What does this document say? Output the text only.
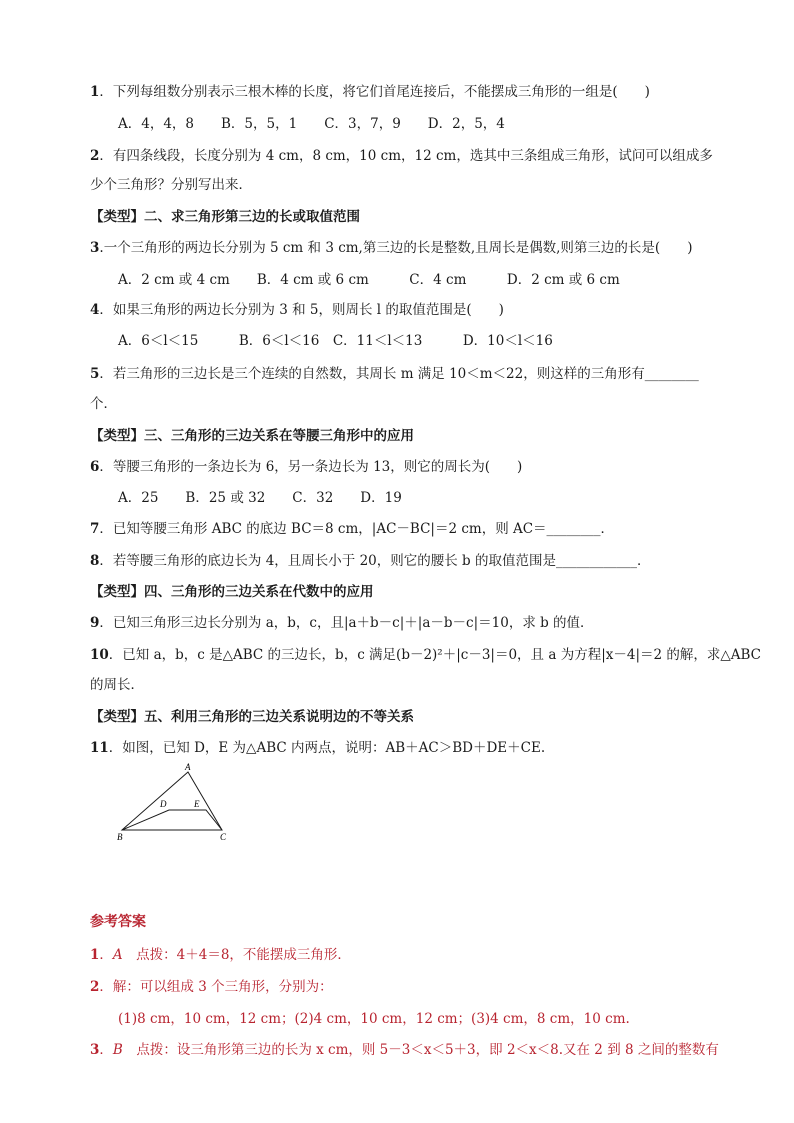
1．下列每组数分别表示三根木棒的长度，将它们首尾连接后，不能摆成三角形的一组是(　　)
A．4，4，8　　B．5，5，1　　C．3，7，9　　D．2，5，4
2．有四条线段，长度分别为 4 cm，8 cm，10 cm，12 cm，选其中三条组成三角形，试问可以组成多
少个三角形？分别写出来．
【类型】二、求三角形第三边的长或取值范围
3.一个三角形的两边长分别为 5 cm 和 3 cm,第三边的长是整数,且周长是偶数,则第三边的长是(　　)
A．2 cm 或 4 cm　　B．4 cm 或 6 cm　　　C．4 cm　　　D．2 cm 或 6 cm
4．如果三角形的两边长分别为 3 和 5，则周长 l 的取值范围是(　　)
A．6＜l＜15　　　B．6＜l＜16　C．11＜l＜13　　　D．10＜l＜16
5．若三角形的三边长是三个连续的自然数，其周长 m 满足 10＜m＜22，则这样的三角形有________
个．
【类型】三、三角形的三边关系在等腰三角形中的应用
6．等腰三角形的一条边长为 6，另一条边长为 13，则它的周长为(　　)
A．25　　B．25 或 32　　C．32　　D．19
7．已知等腰三角形 ABC 的底边 BC＝8 cm，|AC－BC|＝2 cm，则 AC＝________．
8．若等腰三角形的底边长为 4，且周长小于 20，则它的腰长 b 的取值范围是____________．
【类型】四、三角形的三边关系在代数中的应用
9．已知三角形三边长分别为 a，b，c，且|a＋b－c|＋|a－b－c|＝10，求 b 的值．
10．已知 a，b，c 是△ABC 的三边长，b，c 满足(b－2)²＋|c－3|＝0，且 a 为方程|x－4|＝2 的解，求△ABC
的周长．
【类型】五、利用三角形的三边关系说明边的不等关系
11．如图，已知 D，E 为△ABC 内两点，说明：AB＋AC＞BD＋DE＋CE.
A
B	C
D	E
参考答案
1．A　点拨：4＋4＝8，不能摆成三角形．
2．解：可以组成 3 个三角形，分别为：
(1)8 cm，10 cm，12 cm；(2)4 cm，10 cm，12 cm；(3)4 cm，8 cm，10 cm.
3．B　点拨：设三角形第三边的长为 x cm，则 5－3＜x＜5＋3，即 2＜x＜8.又在 2 到 8 之间的整数有
